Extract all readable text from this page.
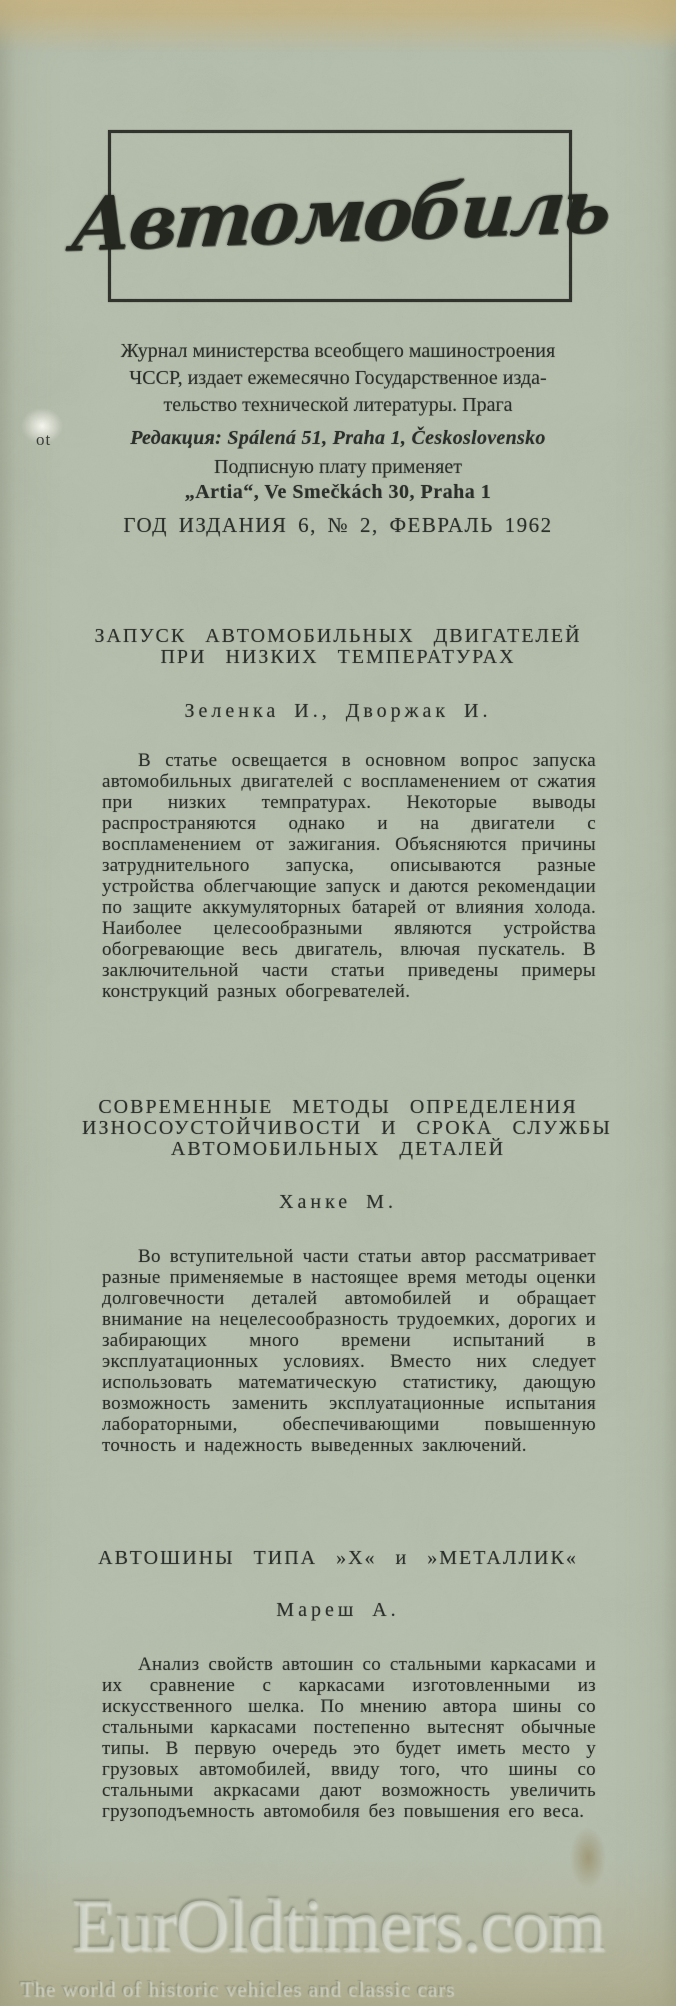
Автомобиль
ot
Журнал министерства всеобщего машиностроения
ЧССР, издает ежемесячно Государственное изда-
тельство технической литературы. Прага
Редакция: Spálená 51, Praha 1, Československo
Подписную плату применяет
„Artia“, Ve Smečkách 30, Praha 1
ГОД ИЗДАНИЯ 6, № 2, ФЕВРАЛЬ 1962
ЗАПУСК АВТОМОБИЛЬНЫХ ДВИГАТЕЛЕЙ
ПРИ НИЗКИХ ТЕМПЕРАТУРАХ
Зеленка И., Дворжак И.
В статье освещается в основном вопрос запуска автомобильных двигателей с воспламенением от сжатия при низких темпратурах. Некоторые выводы распространяются однако и на двигатели с воспламенением от зажигания. Объясняются причины затруднительного запуска, описываются разные устройства облегчающие запуск и даются рекомендации по защите аккумуляторных батарей от влияния холода. Наиболее целесообразными являются устройства обогревающие весь двигатель, влючая пускатель. В заключительной части статьи приведены примеры конструкций разных обогревателей.
СОВРЕМЕННЫЕ МЕТОДЫ ОПРЕДЕЛЕНИЯ
ИЗНОСОУСТОЙЧИВОСТИ И СРОКА СЛУЖБЫ
АВТОМОБИЛЬНЫХ ДЕТАЛЕЙ
Ханке М.
Во вступительной части статьи автор рассматривает разные применяемые в настоящее время методы оценки долговечности деталей автомобилей и обращает внимание на нецелесообразность трудоемких, дорогих и забирающих много времени испытаний в эксплуатационных условиях. Вместо них следует использовать математическую статистику, дающую возможность заменить эксплуатационные испытания лабораторными, обеспечивающими повышенную точность и надежность выведенных заключений.
АВТОШИНЫ ТИПА »Х« и »МЕТАЛЛИК«
Мареш А.
Анализ свойств автошин со стальными каркасами и их сравнение с каркасами изготовленными из искусственного шелка. По мнению автора шины со стальными каркасами постепенно вытеснят обычные типы. В первую очередь это будет иметь место у грузовых автомобилей, ввиду того, что шины со стальными акркасами дают возможность увеличить грузоподъемность автомобиля без повышения его веса.
EurOldtimers.com
The world of historic vehicles and classic cars
